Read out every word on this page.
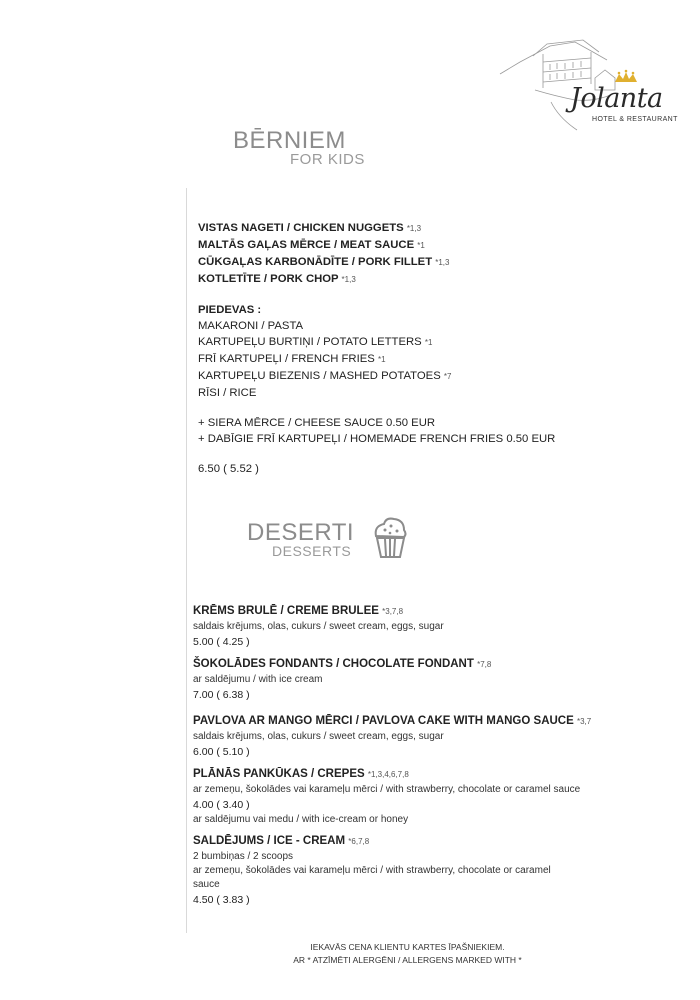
Jolanta
HOTEL & RESTAURANT
BĒRNIEM
FOR KIDS
VISTAS NAGETI / CHICKEN NUGGETS *1,3
MALTĀS GAĻAS MĒRCE / MEAT SAUCE *1
CŪKGAĻAS KARBONĀDĪTE / PORK FILLET *1,3
KOTLETĪTE / PORK CHOP *1,3
PIEDEVAS :
MAKARONI / PASTA
KARTUPEĻU BURTIŅI / POTATO LETTERS *1
FRĪ KARTUPEĻI / FRENCH FRIES *1
KARTUPEĻU BIEZENIS / MASHED POTATOES *7
RĪSI / RICE
+ SIERA MĒRCE / CHEESE SAUCE 0.50 EUR
+ DABĪGIE FRĪ KARTUPEĻI / HOMEMADE FRENCH FRIES 0.50 EUR
6.50 ( 5.52 )
DESERTI
DESSERTS
KRĒMS BRULĒ / CREME BRULEE *3,7,8
saldais krējums, olas, cukurs / sweet cream, eggs, sugar
5.00 ( 4.25 )
ŠOKOLĀDES FONDANTS / CHOCOLATE FONDANT *7,8
ar saldējumu / with ice cream
7.00 ( 6.38 )
PAVLOVA AR MANGO MĒRCI / PAVLOVA CAKE WITH MANGO SAUCE *3,7
saldais krējums, olas, cukurs / sweet cream, eggs, sugar
6.00 ( 5.10 )
PLĀNĀS PANKŪKAS / CREPES *1,3,4,6,7,8
ar zemeņu, šokolādes vai karameļu mērci / with strawberry, chocolate or caramel sauce
4.00 ( 3.40 )
ar saldējumu vai medu / with ice-cream or honey
SALDĒJUMS / ICE - CREAM *6,7,8
2 bumbiņas / 2 scoops
ar zemeņu, šokolādes vai karameļu mērci / with strawberry, chocolate or caramel
sauce
4.50 ( 3.83 )
IEKAVĀS CENA KLIENTU KARTES ĪPAŠNIEKIEM.
AR * ATZĪMĒTI ALERGĒNI / ALLERGENS MARKED WITH *
